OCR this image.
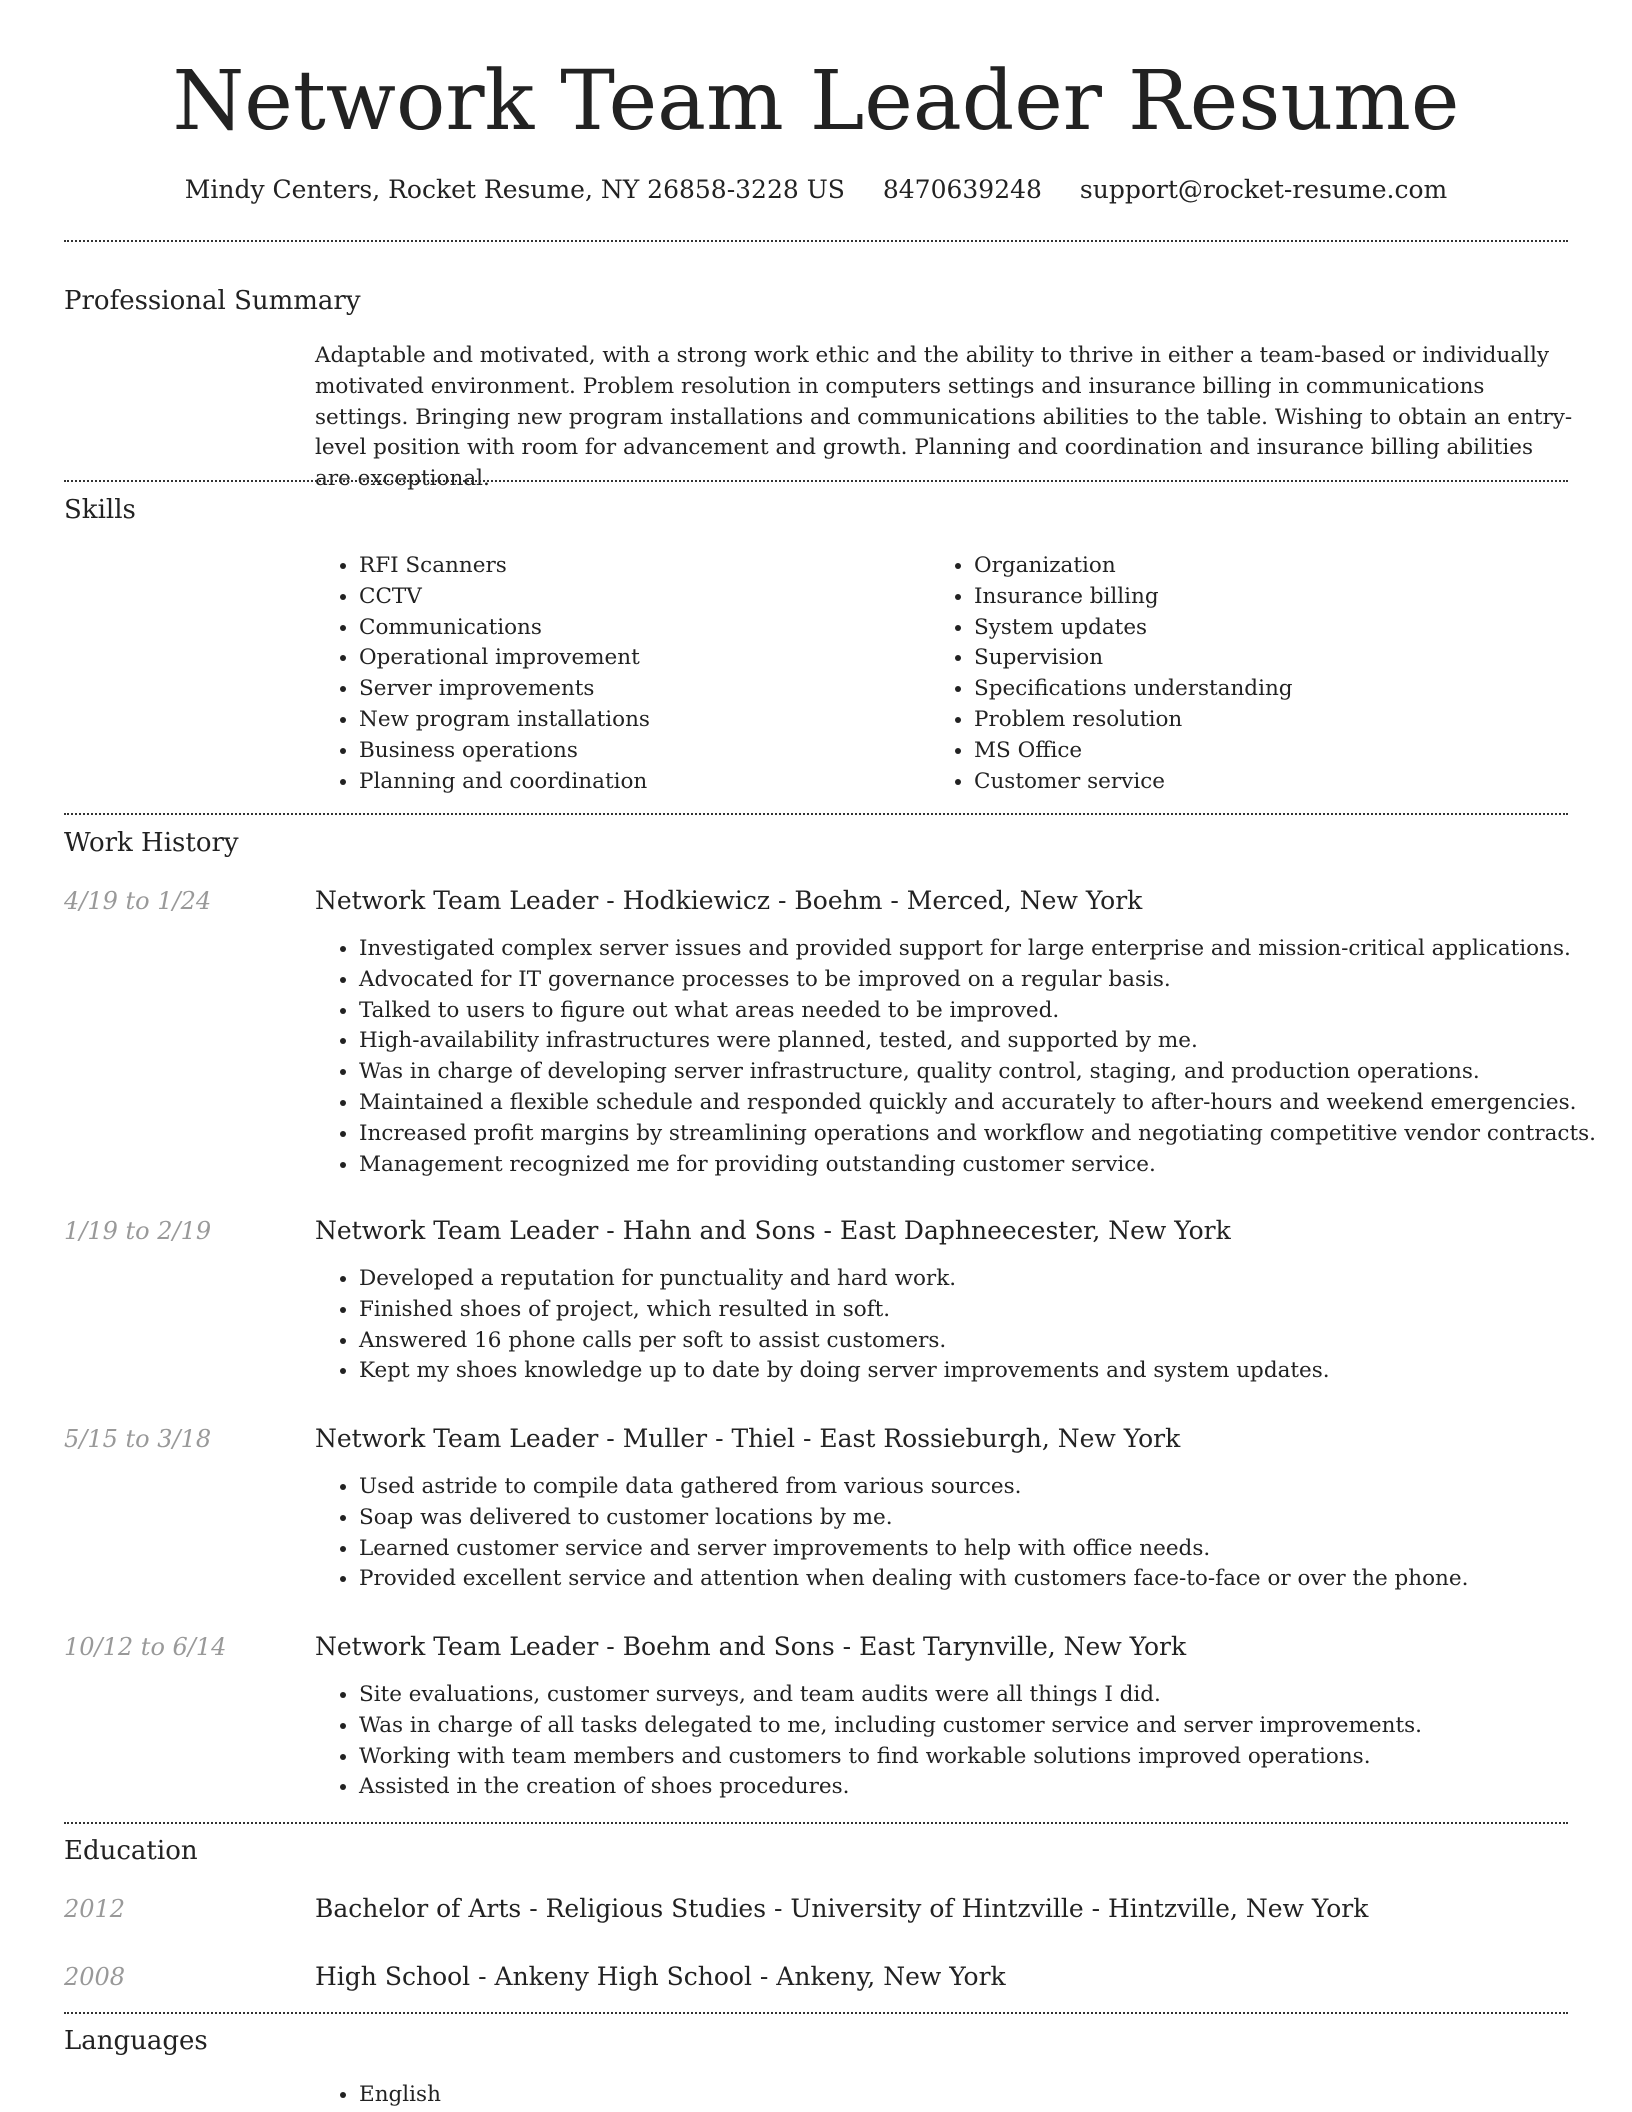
Network Team Leader Resume
Mindy Centers, Rocket Resume, NY 26858-3228 US 8470639248 support@rocket-resume.com
Professional Summary

Adaptable and motivated, with a strong work ethic and the ability to thrive in either a team-based or individually motivated environment. Problem resolution in computers settings and insurance billing in communications settings. Bringing new program installations and communications abilities to the table. Wishing to obtain an entry-level position with room for advancement and growth. Planning and coordination and insurance billing abilities are exceptional.

Skills
• RFI Scanners
• CCTV
• Communications
• Operational improvement
• Server improvements
• New program installations
• Business operations
• Planning and coordination
• Organization
• Insurance billing
• System updates
• Supervision
• Specifications understanding
• Problem resolution
• MS Office
• Customer service
Work History
4/19 to 1/24	Network Team Leader - Hodkiewicz - Boehm - Merced, New York
• Investigated complex server issues and provided support for large enterprise and mission-critical applications.
• Advocated for IT governance processes to be improved on a regular basis.
• Talked to users to figure out what areas needed to be improved.
• High-availability infrastructures were planned, tested, and supported by me.
• Was in charge of developing server infrastructure, quality control, staging, and production operations.
• Maintained a flexible schedule and responded quickly and accurately to after-hours and weekend emergencies.
• Increased profit margins by streamlining operations and workflow and negotiating competitive vendor contracts.
• Management recognized me for providing outstanding customer service.
1/19 to 2/19	Network Team Leader - Hahn and Sons - East Daphneecester, New York
• Developed a reputation for punctuality and hard work.
• Finished shoes of project, which resulted in soft.
• Answered 16 phone calls per soft to assist customers.
• Kept my shoes knowledge up to date by doing server improvements and system updates.
5/15 to 3/18	Network Team Leader - Muller - Thiel - East Rossieburgh, New York
• Used astride to compile data gathered from various sources.
• Soap was delivered to customer locations by me.
• Learned customer service and server improvements to help with office needs.
• Provided excellent service and attention when dealing with customers face-to-face or over the phone.
10/12 to 6/14	Network Team Leader - Boehm and Sons - East Tarynville, New York
• Site evaluations, customer surveys, and team audits were all things I did.
• Was in charge of all tasks delegated to me, including customer service and server improvements.
• Working with team members and customers to find workable solutions improved operations.
• Assisted in the creation of shoes procedures.
Education
2012	Bachelor of Arts - Religious Studies - University of Hintzville - Hintzville, New York
2008	High School - Ankeny High School - Ankeny, New York
Languages
• English
